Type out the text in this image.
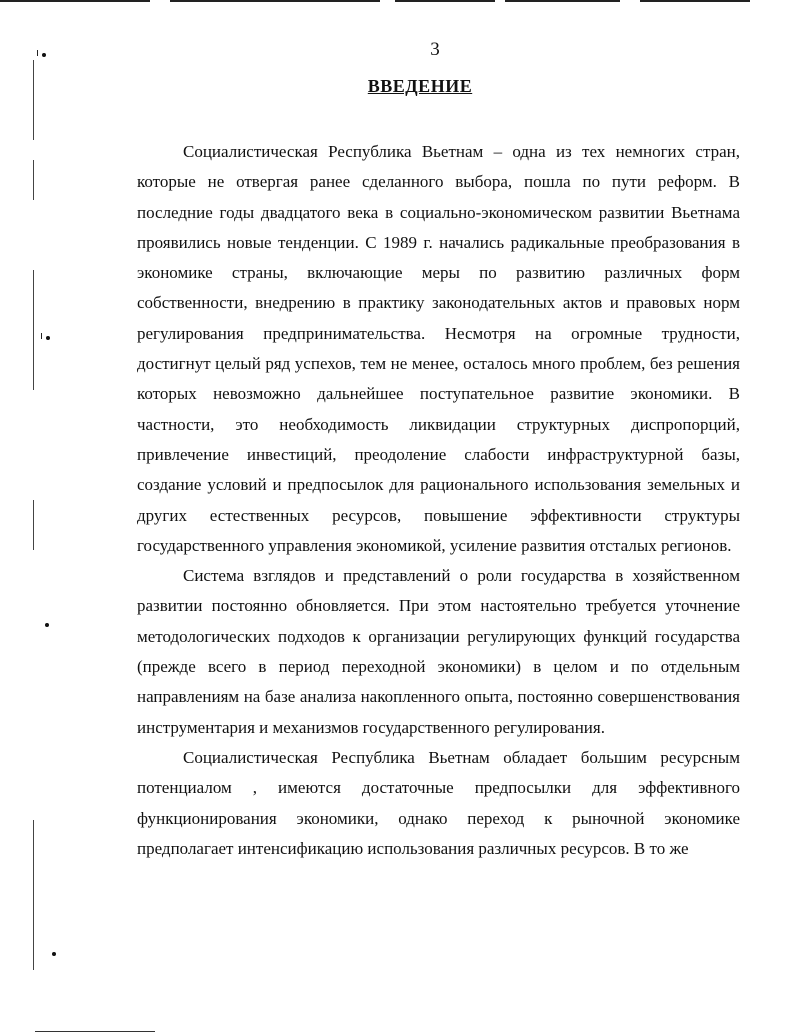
3
ВВЕДЕНИЕ

Социалистическая Республика Вьетнам – одна из тех немногих стран, которые не отвергая ранее сделанного выбора, пошла по пути реформ. В последние годы двадцатого века в социально-экономическом развитии Вьетнама проявились новые тенденции. С 1989 г. начались радикальные преобразования в экономике страны, включающие меры по развитию различных форм собственности, внедрению в практику законодательных актов и правовых норм регулирования предпринимательства. Несмотря на огромные трудности, достигнут целый ряд успехов, тем не менее, осталось много проблем, без решения которых невозможно дальнейшее поступательное развитие экономики. В частности, это необходимость ликвидации структурных диспропорций, привлечение инвестиций, преодоление слабости инфраструктурной базы, создание условий и предпосылок для рационального использования земельных и других естественных ресурсов, повышение эффективности структуры государственного управления экономикой, усиление развития отсталых регионов.

Система взглядов и представлений о роли государства в хозяйственном развитии постоянно обновляется. При этом настоятельно требуется уточнение методологических подходов к организации регулирующих функций государства (прежде всего в период переходной экономики) в целом и по отдельным направлениям на базе анализа накопленного опыта, постоянно совершенствования инструментария и механизмов государственного регулирования.

Социалистическая Республика Вьетнам обладает большим ресурсным потенциалом , имеются достаточные предпосылки для эффективного функционирования экономики, однако переход к рыночной экономике предполагает интенсификацию использования различных ресурсов. В то же
